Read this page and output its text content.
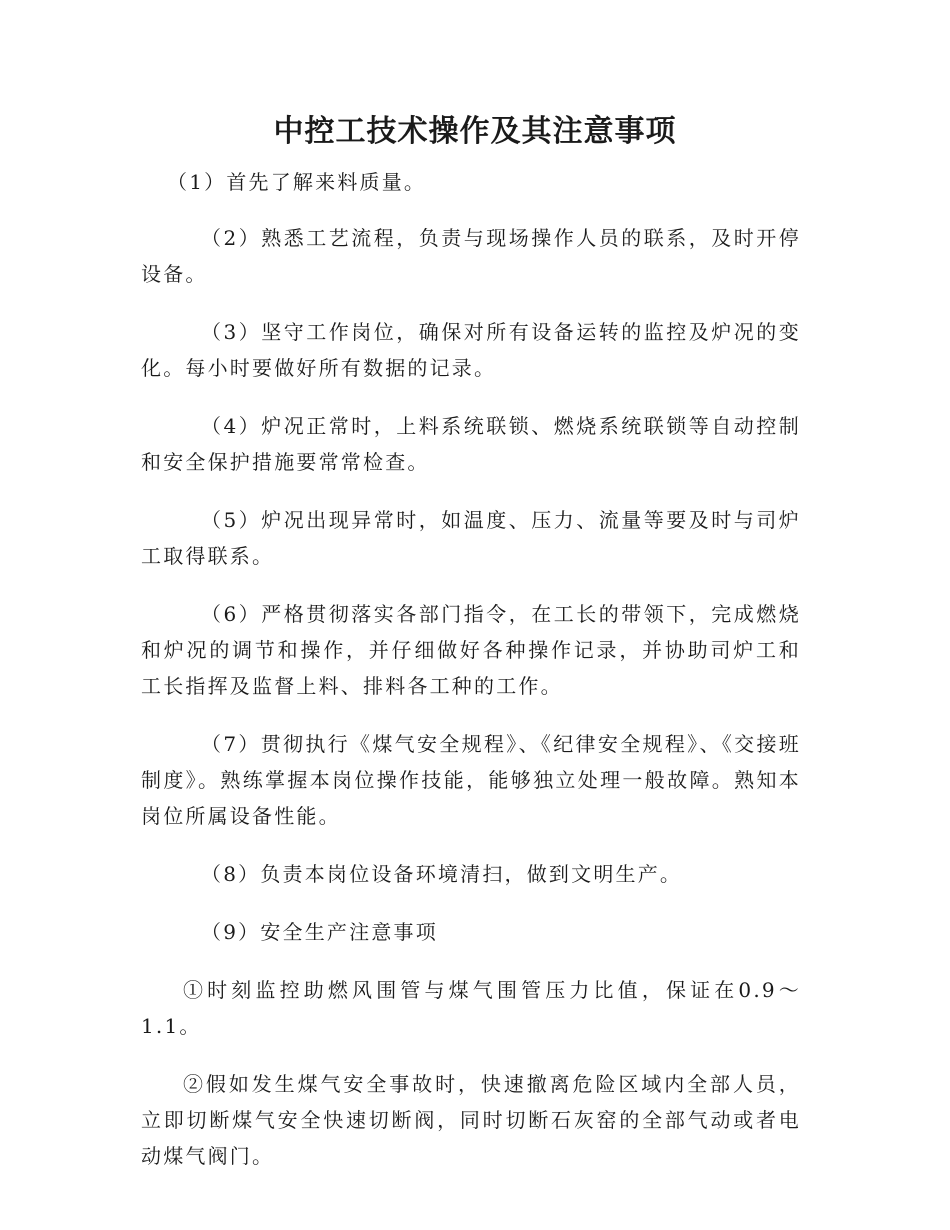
中控工技术操作及其注意事项

（1）首先了解来料质量。

（2）熟悉工艺流程，负责与现场操作人员的联系，及时开停设备。

（3）坚守工作岗位，确保对所有设备运转的监控及炉况的变化。每小时要做好所有数据的记录。

（4）炉况正常时，上料系统联锁、燃烧系统联锁等自动控制和安全保护措施要常常检查。

（5）炉况出现异常时，如温度、压力、流量等要及时与司炉工取得联系。

（6）严格贯彻落实各部门指令，在工长的带领下，完成燃烧和炉况的调节和操作，并仔细做好各种操作记录，并协助司炉工和工长指挥及监督上料、排料各工种的工作。

（7）贯彻执行《煤气安全规程》、《纪律安全规程》、《交接班制度》。熟练掌握本岗位操作技能，能够独立处理一般故障。熟知本岗位所属设备性能。

（8）负责本岗位设备环境清扫，做到文明生产。

（9）安全生产注意事项

①时刻监控助燃风围管与煤气围管压力比值，保证在0.9～1.1。

②假如发生煤气安全事故时，快速撤离危险区域内全部人员，立即切断煤气安全快速切断阀，同时切断石灰窑的全部气动或者电动煤气阀门。
